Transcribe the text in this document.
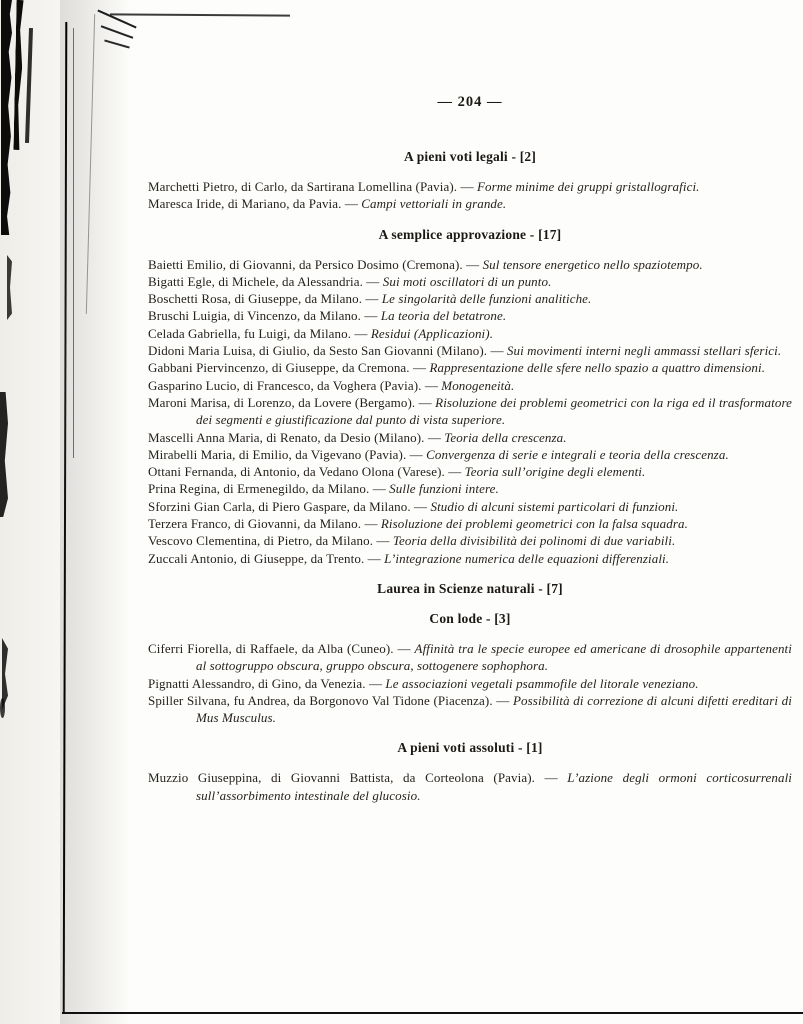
— 204 —
A pieni voti legali - [2]

Marchetti Pietro, di Carlo, da Sartirana Lomellina (Pavia). — Forme minime dei gruppi gristallografici.

Maresca Iride, di Mariano, da Pavia. — Campi vettoriali in grande.

A semplice approvazione - [17]

Baietti Emilio, di Giovanni, da Persico Dosimo (Cremona). — Sul tensore energetico nello spaziotempo.

Bigatti Egle, di Michele, da Alessandria. — Sui moti oscillatori di un punto.

Boschetti Rosa, di Giuseppe, da Milano. — Le singolarità delle funzioni analitiche.

Bruschi Luigia, di Vincenzo, da Milano. — La teoria del betatrone.

Celada Gabriella, fu Luigi, da Milano. — Residui (Applicazioni).

Didoni Maria Luisa, di Giulio, da Sesto San Giovanni (Milano). — Sui movimenti interni negli ammassi stellari sferici.

Gabbani Piervincenzo, di Giuseppe, da Cremona. — Rappresentazione delle sfere nello spazio a quattro dimensioni.

Gasparino Lucio, di Francesco, da Voghera (Pavia). — Monogeneità.

Maroni Marisa, di Lorenzo, da Lovere (Bergamo). — Risoluzione dei problemi geometrici con la riga ed il trasformatore dei segmenti e giustificazione dal punto di vista superiore.

Mascelli Anna Maria, di Renato, da Desio (Milano). — Teoria della crescenza.

Mirabelli Maria, di Emilio, da Vigevano (Pavia). — Convergenza di serie e integrali e teoria della crescenza.

Ottani Fernanda, di Antonio, da Vedano Olona (Varese). — Teoria sull’origine degli elementi.

Prina Regina, di Ermenegildo, da Milano. — Sulle funzioni intere.

Sforzini Gian Carla, di Piero Gaspare, da Milano. — Studio di alcuni sistemi particolari di funzioni.

Terzera Franco, di Giovanni, da Milano. — Risoluzione dei problemi geometrici con la falsa squadra.

Vescovo Clementina, di Pietro, da Milano. — Teoria della divisibilità dei polinomi di due variabili.

Zuccali Antonio, di Giuseppe, da Trento. — L’integrazione numerica delle equazioni differenziali.

Laurea in Scienze naturali - [7]
Con lode - [3]

Ciferri Fiorella, di Raffaele, da Alba (Cuneo). — Affinità tra le specie europee ed americane di drosophile appartenenti al sottogruppo obscura, gruppo obscura, sottogenere sophophora.

Pignatti Alessandro, di Gino, da Venezia. — Le associazioni vegetali psammofile del litorale veneziano.

Spiller Silvana, fu Andrea, da Borgonovo Val Tidone (Piacenza). — Possibilità di correzione di alcuni difetti ereditari di Mus Musculus.

A pieni voti assoluti - [1]

Muzzio Giuseppina, di Giovanni Battista, da Corteolona (Pavia). — L’azione degli ormoni corticosurrenali sull’assorbimento intestinale del glucosio.
